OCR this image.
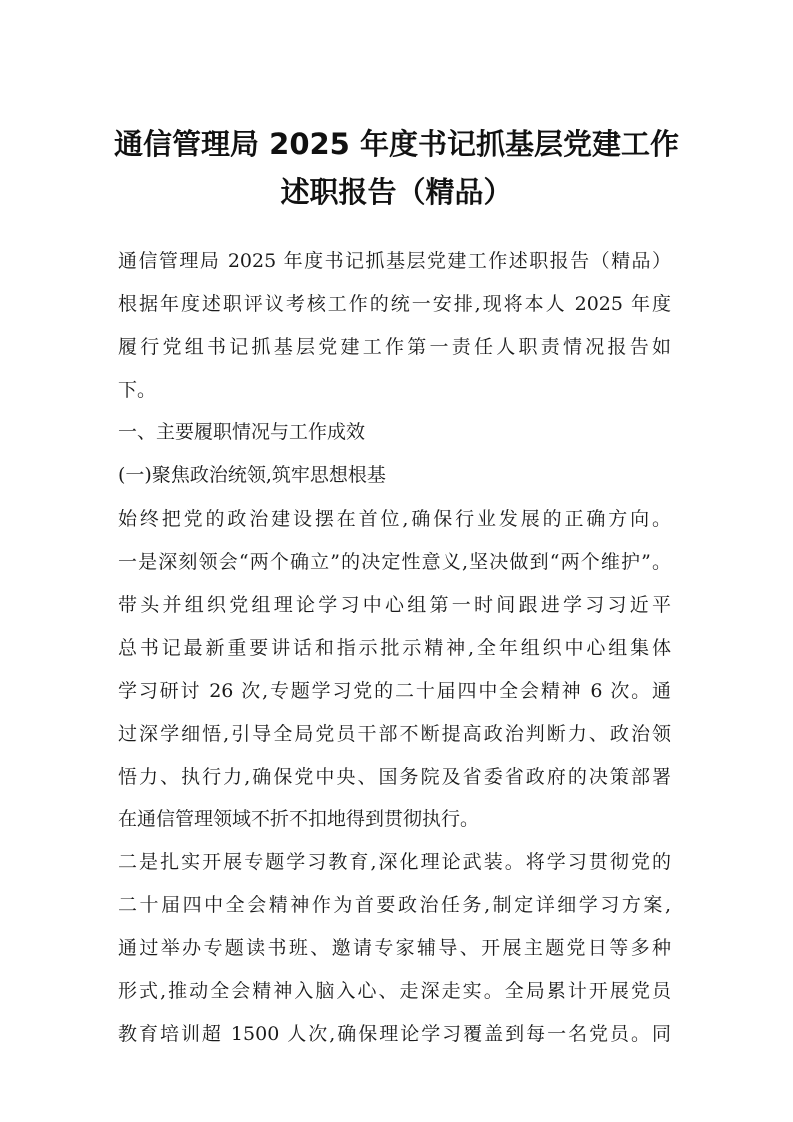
通信管理局 2025 年度书记抓基层党建工作
述职报告（精品）

通信管理局 2025 年度书记抓基层党建工作述职报告（精品）

根据年度述职评议考核工作的统一安排,现将本人 2025 年度

履行党组书记抓基层党建工作第一责任人职责情况报告如

下。

一、主要履职情况与工作成效

(一)聚焦政治统领,筑牢思想根基

始终把党的政治建设摆在首位,确保行业发展的正确方向。

一是深刻领会“两个确立”的决定性意义,坚决做到“两个维护”。

带头并组织党组理论学习中心组第一时间跟进学习习近平

总书记最新重要讲话和指示批示精神,全年组织中心组集体

学习研讨 26 次,专题学习党的二十届四中全会精神 6 次。通

过深学细悟,引导全局党员干部不断提高政治判断力、政治领

悟力、执行力,确保党中央、国务院及省委省政府的决策部署

在通信管理领域不折不扣地得到贯彻执行。

二是扎实开展专题学习教育,深化理论武装。将学习贯彻党的

二十届四中全会精神作为首要政治任务,制定详细学习方案,

通过举办专题读书班、邀请专家辅导、开展主题党日等多种

形式,推动全会精神入脑入心、走深走实。全局累计开展党员

教育培训超 1500 人次,确保理论学习覆盖到每一名党员。同
